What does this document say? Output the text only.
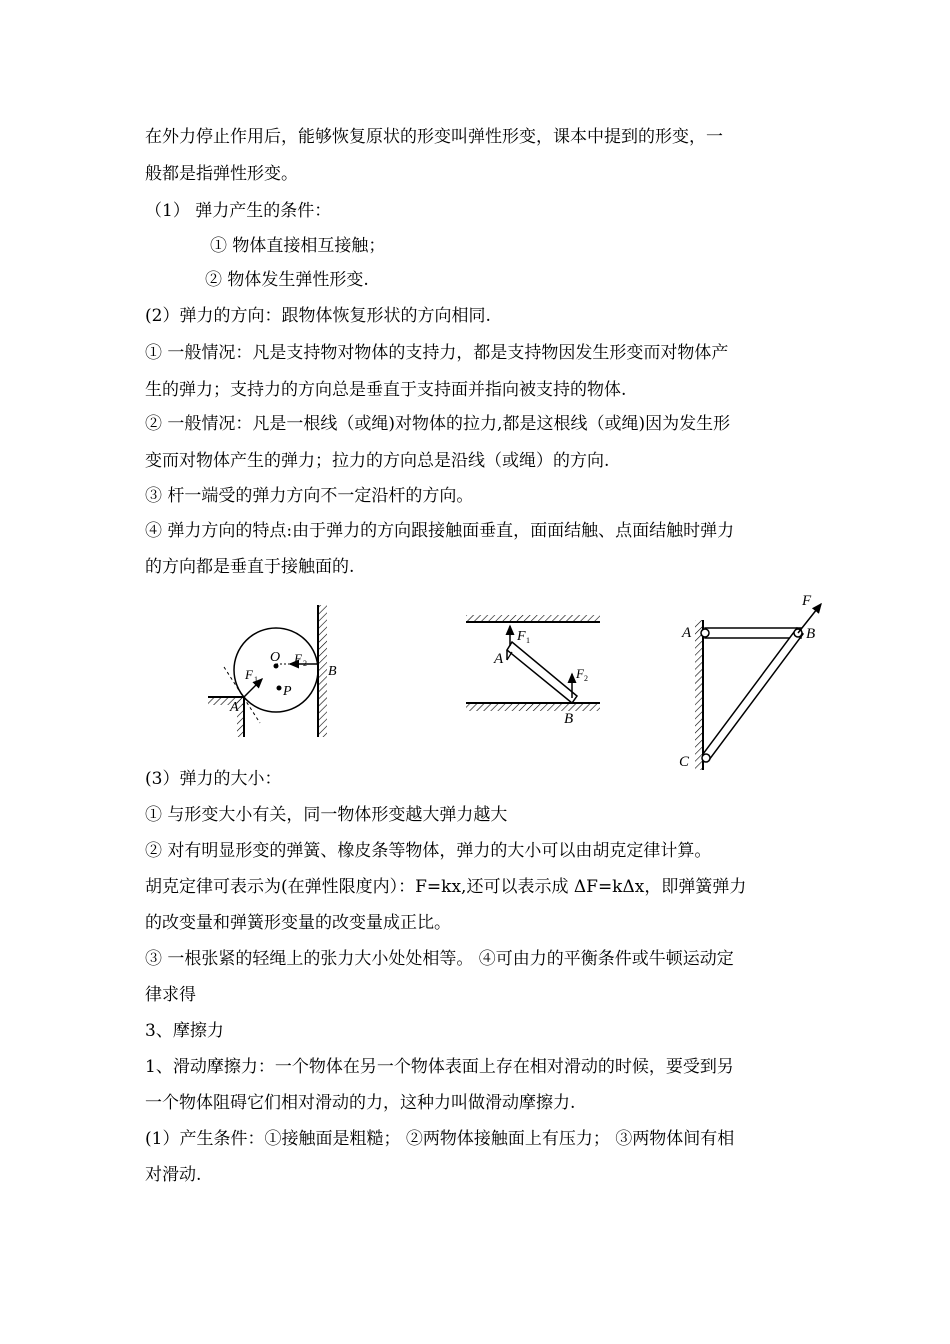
在外力停止作用后，能够恢复原状的形变叫弹性形变，课本中提到的形变，一
般都是指弹性形变。
（1） 弹力产生的条件：
① 物体直接相互接触；
② 物体发生弹性形变.
(2）弹力的方向：跟物体恢复形状的方向相同.
① 一般情况：凡是支持物对物体的支持力，都是支持物因发生形变而对物体产
生的弹力；支持力的方向总是垂直于支持面并指向被支持的物体.
② 一般情况：凡是一根线（或绳)对物体的拉力,都是这根线（或绳)因为发生形
变而对物体产生的弹力；拉力的方向总是沿线（或绳）的方向.
③ 杆一端受的弹力方向不一定沿杆的方向。
④ 弹力方向的特点:由于弹力的方向跟接触面垂直，面面结触、点面结触时弹力
的方向都是垂直于接触面的.
(3）弹力的大小：
① 与形变大小有关，同一物体形变越大弹力越大
② 对有明显形变的弹簧、橡皮条等物体，弹力的大小可以由胡克定律计算。
胡克定律可表示为(在弹性限度内）：F=kx,还可以表示成 ΔF=kΔx，即弹簧弹力
的改变量和弹簧形变量的改变量成正比。
③ 一根张紧的轻绳上的张力大小处处相等。 ④可由力的平衡条件或牛顿运动定
律求得
3、摩擦力
1、滑动摩擦力：一个物体在另一个物体表面上存在相对滑动的时候，要受到另
一个物体阻碍它们相对滑动的力，这种力叫做滑动摩擦力.
(1）产生条件：①接触面是粗糙； ②两物体接触面上有压力； ③两物体间有相
对滑动.
O
P
A
B
F 1
F 2
F 1
F 2
A
B
F
A	B
C
